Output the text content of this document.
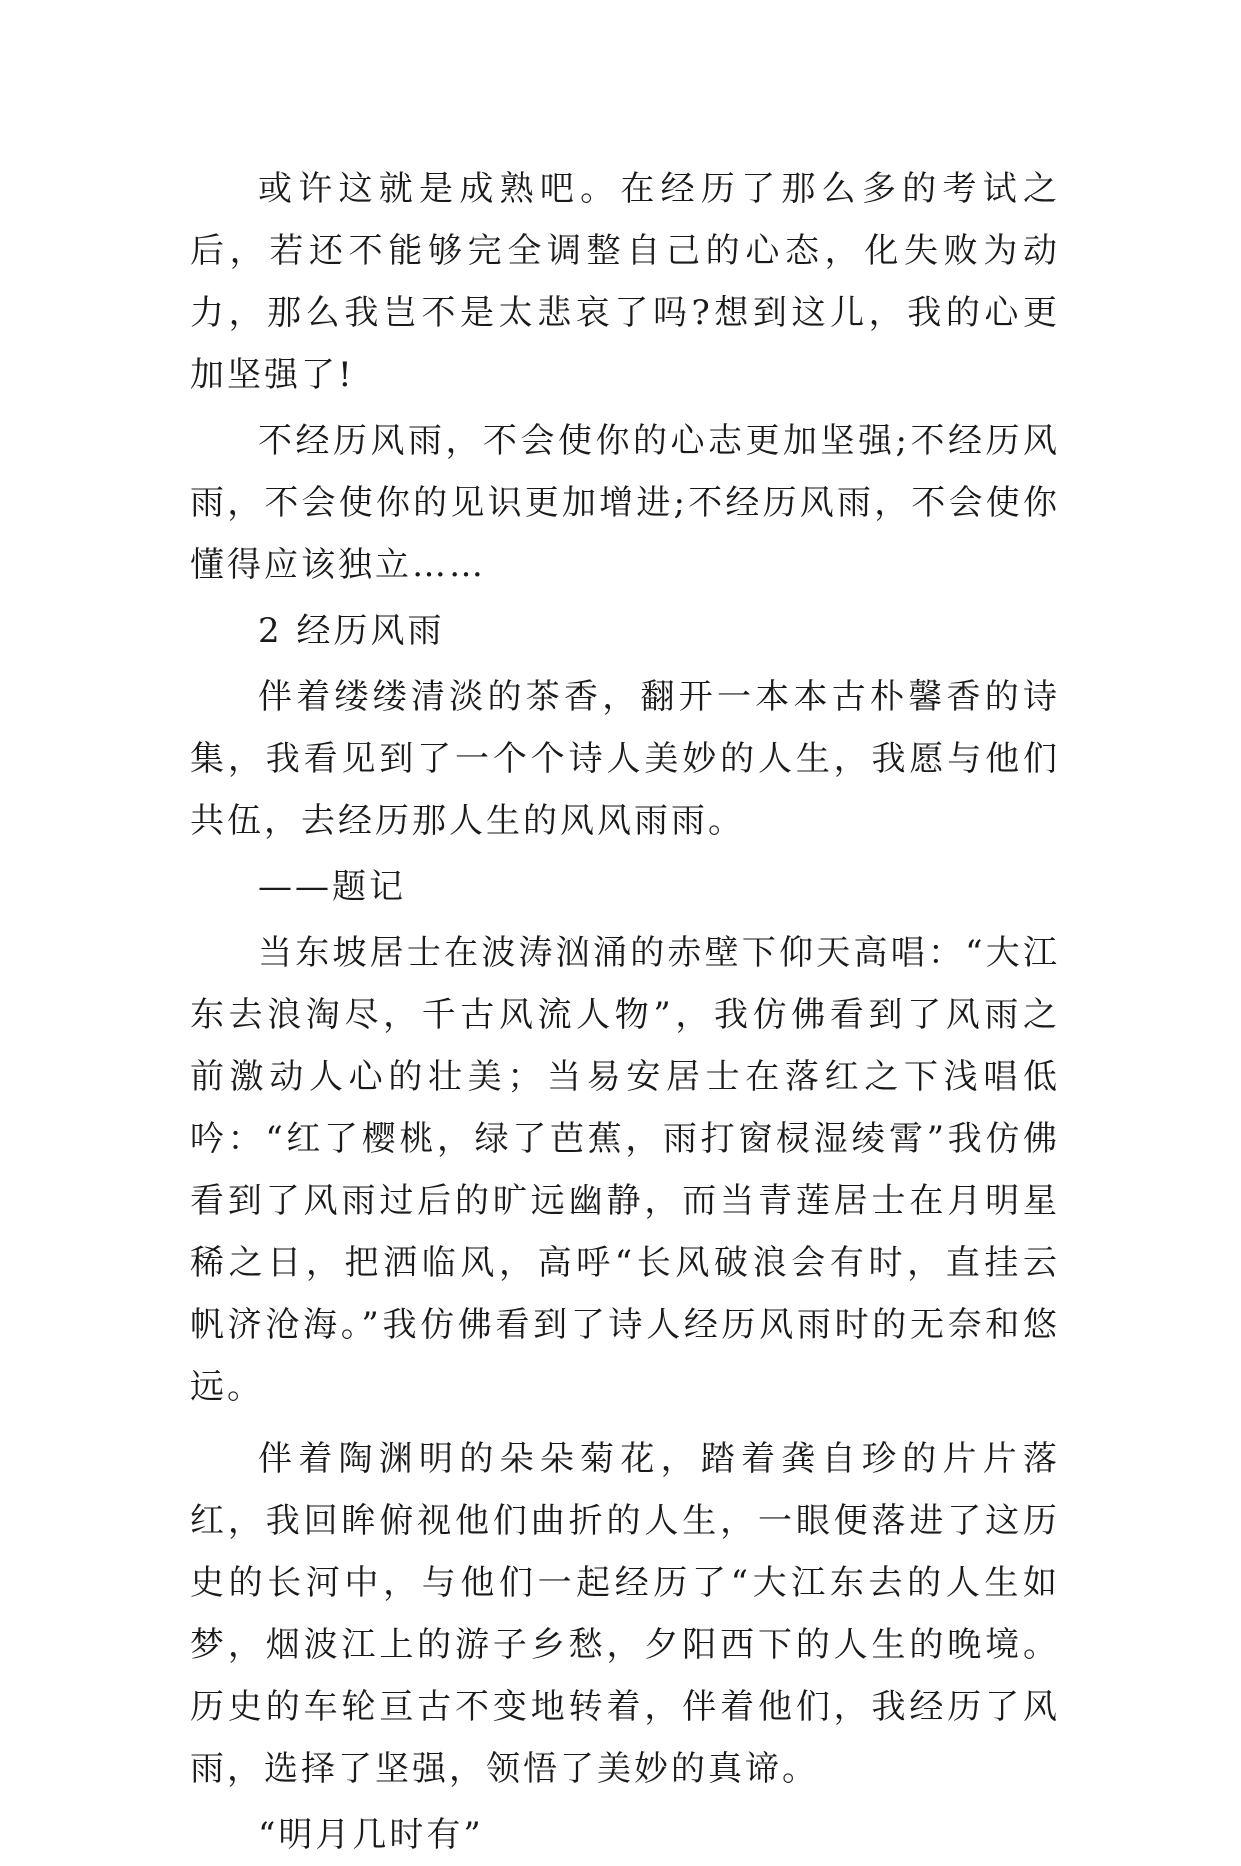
或许这就是成熟吧。在经历了那么多的考试之后，若还不能够完全调整自己的心态，化失败为动力，那么我岂不是太悲哀了吗?想到这儿，我的心更加坚强了!

不经历风雨，不会使你的心志更加坚强;不经历风雨，不会使你的见识更加增进;不经历风雨，不会使你懂得应该独立……

2 经历风雨

伴着缕缕清淡的茶香，翻开一本本古朴馨香的诗集，我看见到了一个个诗人美妙的人生，我愿与他们共伍，去经历那人生的风风雨雨。

——题记

当东坡居士在波涛汹涌的赤壁下仰天高唱：“大江东去浪淘尽，千古风流人物”，我仿佛看到了风雨之前激动人心的壮美；当易安居士在落红之下浅唱低吟：“红了樱桃，绿了芭蕉，雨打窗棂湿绫霄”我仿佛看到了风雨过后的旷远幽静，而当青莲居士在月明星稀之日，把洒临风，高呼“长风破浪会有时，直挂云帆济沧海。”我仿佛看到了诗人经历风雨时的无奈和悠远。

伴着陶渊明的朵朵菊花，踏着龚自珍的片片落红，我回眸俯视他们曲折的人生，一眼便落进了这历史的长河中，与他们一起经历了“大江东去的人生如梦，烟波江上的游子乡愁，夕阳西下的人生的晚境。历史的车轮亘古不变地转着，伴着他们，我经历了风雨，选择了坚强，领悟了美妙的真谛。

“明月几时有”
